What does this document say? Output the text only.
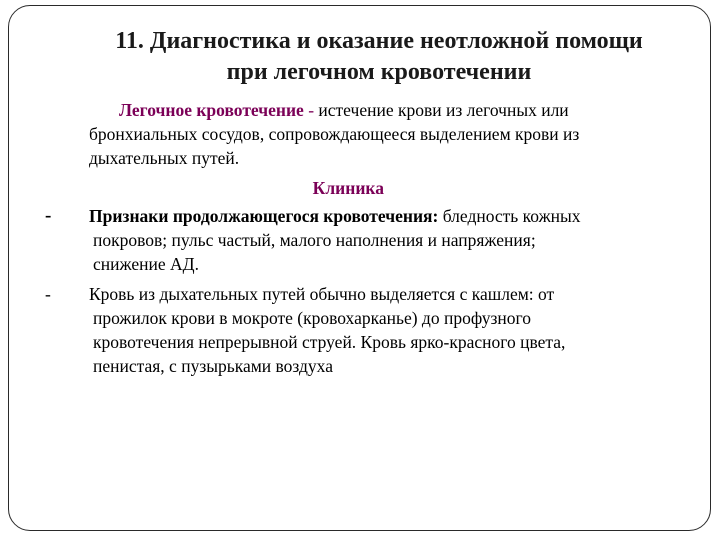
11. Диагностика и оказание неотложной помощи
при легочном кровотечении
Легочное кровотечение - истечение крови из легочных или
бронхиальных сосудов, сопровождающееся выделением крови из
дыхательных путей.
Клиника
-	Признаки продолжающегося кровотечения: бледность кожных
покровов; пульс частый, малого наполнения и напряжения;
снижение АД.
-	Кровь из дыхательных путей обычно выделяется с кашлем: от
прожилок крови в мокроте (кровохарканье) до профузного
кровотечения непрерывной струей. Кровь ярко-красного цвета,
пенистая, с пузырьками воздуха
